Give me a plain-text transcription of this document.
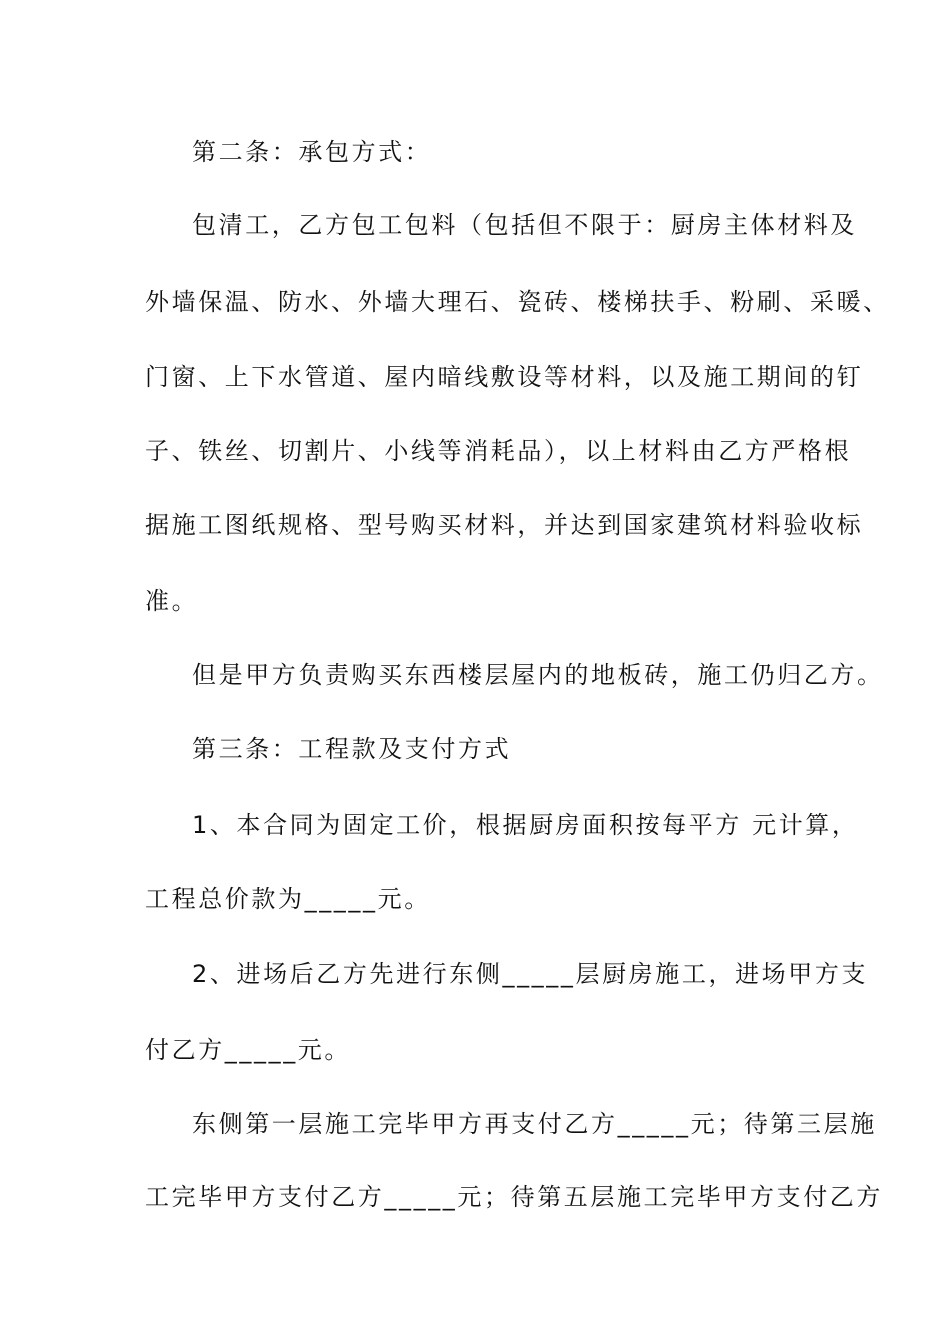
第二条：承包方式：
包清工，乙方包工包料（包括但不限于：厨房主体材料及
外墙保温、防水、外墙大理石、瓷砖、楼梯扶手、粉刷、采暖、
门窗、上下水管道、屋内暗线敷设等材料，以及施工期间的钉
子、铁丝、切割片、小线等消耗品），以上材料由乙方严格根
据施工图纸规格、型号购买材料，并达到国家建筑材料验收标
准。
但是甲方负责购买东西楼层屋内的地板砖，施工仍归乙方。
第三条：工程款及支付方式
1、本合同为固定工价，根据厨房面积按每平方 元计算，
工程总价款为_____元。
2、进场后乙方先进行东侧_____层厨房施工，进场甲方支
付乙方_____元。
东侧第一层施工完毕甲方再支付乙方_____元；待第三层施
工完毕甲方支付乙方_____元；待第五层施工完毕甲方支付乙方
